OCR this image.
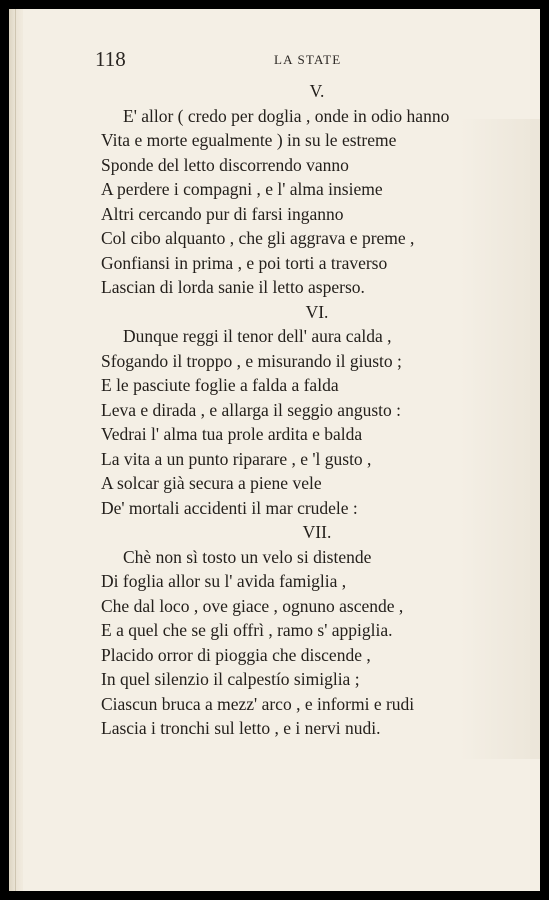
118	LA STATE
V.
E' allor ( credo per doglia , onde in odio hanno
Vita e morte egualmente ) in su le estreme
Sponde del letto discorrendo vanno
A perdere i compagni , e l' alma insieme
Altri cercando pur di farsi inganno
Col cibo alquanto , che gli aggrava e preme ,
Gonfiansi in prima , e poi torti a traverso
Lascian di lorda sanie il letto asperso.
VI.
Dunque reggi il tenor dell' aura calda ,
Sfogando il troppo , e misurando il giusto ;
E le pasciute foglie a falda a falda
Leva e dirada , e allarga il seggio angusto :
Vedrai l' alma tua prole ardita e balda
La vita a un punto riparare , e 'l gusto ,
A solcar già secura a piene vele
De' mortali accidenti il mar crudele :
VII.
Chè non sì tosto un velo si distende
Di foglia allor su l' avida famiglia ,
Che dal loco , ove giace , ognuno ascende ,
E a quel che se gli offrì , ramo s' appiglia.
Placido orror di pioggia che discende ,
In quel silenzio il calpestío simiglia ;
Ciascun bruca a mezz' arco , e informi e rudi
Lascia i tronchi sul letto , e i nervi nudi.
